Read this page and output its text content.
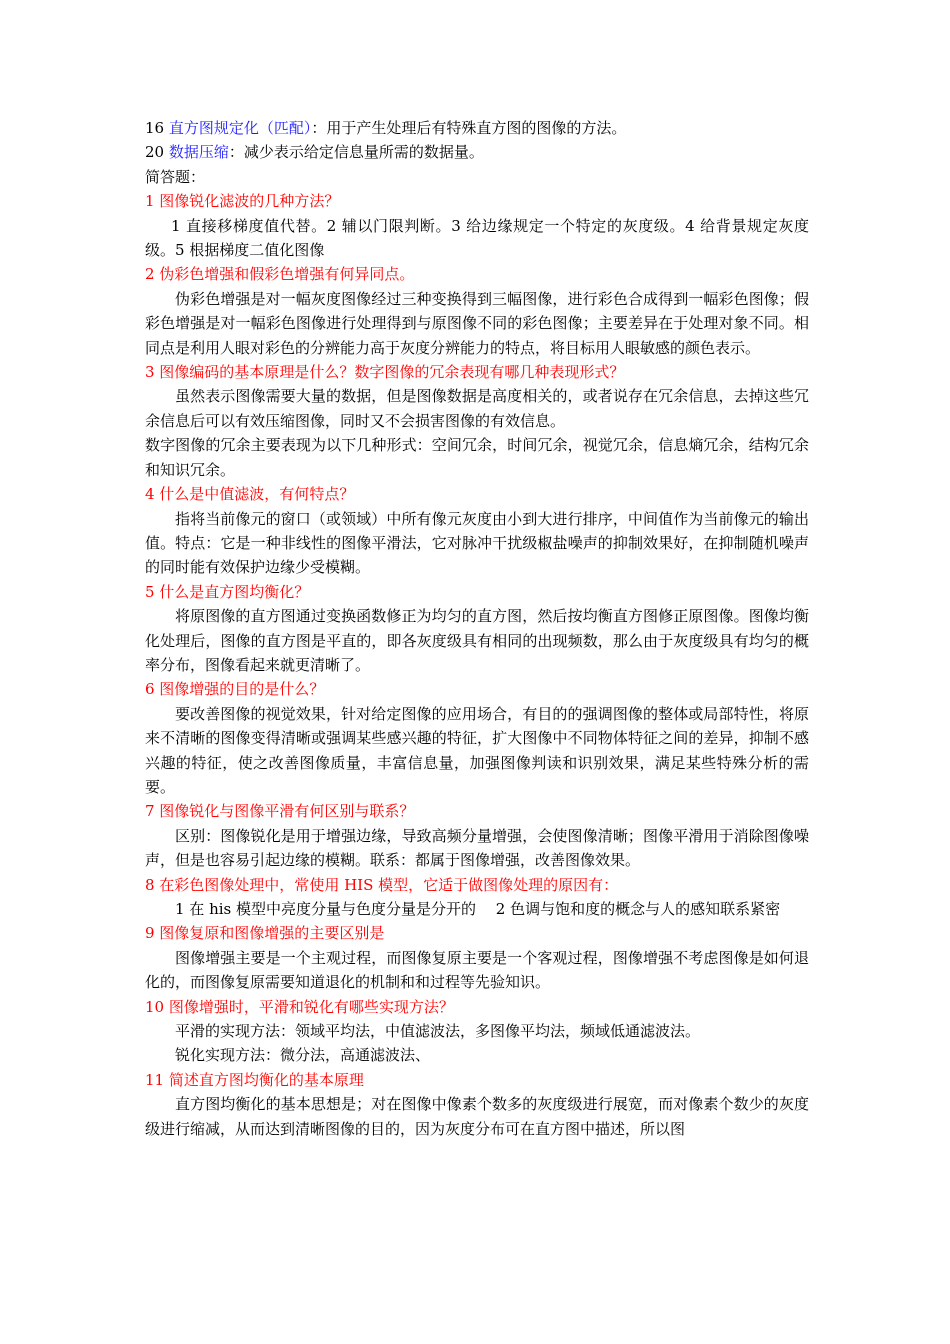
16 直方图规定化（匹配）：用于产生处理后有特殊直方图的图像的方法。

20 数据压缩：减少表示给定信息量所需的数据量。

简答题：

1 图像锐化滤波的几种方法？

1 直接移梯度值代替。2 辅以门限判断。3 给边缘规定一个特定的灰度级。4 给背景规定灰度级。5 根据梯度二值化图像

2 伪彩色增强和假彩色增强有何异同点。

伪彩色增强是对一幅灰度图像经过三种变换得到三幅图像，进行彩色合成得到一幅彩色图像；假彩色增强是对一幅彩色图像进行处理得到与原图像不同的彩色图像；主要差异在于处理对象不同。相同点是利用人眼对彩色的分辨能力高于灰度分辨能力的特点，将目标用人眼敏感的颜色表示。

3 图像编码的基本原理是什么？数字图像的冗余表现有哪几种表现形式？

虽然表示图像需要大量的数据，但是图像数据是高度相关的，或者说存在冗余信息，去掉这些冗余信息后可以有效压缩图像，同时又不会损害图像的有效信息。

数字图像的冗余主要表现为以下几种形式：空间冗余，时间冗余，视觉冗余，信息熵冗余，结构冗余和知识冗余。

4 什么是中值滤波，有何特点？

指将当前像元的窗口（或领域）中所有像元灰度由小到大进行排序，中间值作为当前像元的输出值。特点：它是一种非线性的图像平滑法，它对脉冲干扰级椒盐噪声的抑制效果好，在抑制随机噪声的同时能有效保护边缘少受模糊。

5 什么是直方图均衡化？

将原图像的直方图通过变换函数修正为均匀的直方图，然后按均衡直方图修正原图像。图像均衡化处理后，图像的直方图是平直的，即各灰度级具有相同的出现频数，那么由于灰度级具有均匀的概率分布，图像看起来就更清晰了。

6 图像增强的目的是什么？

要改善图像的视觉效果，针对给定图像的应用场合，有目的的强调图像的整体或局部特性，将原来不清晰的图像变得清晰或强调某些感兴趣的特征，扩大图像中不同物体特征之间的差异，抑制不感兴趣的特征，使之改善图像质量，丰富信息量，加强图像判读和识别效果，满足某些特殊分析的需要。

7 图像锐化与图像平滑有何区别与联系？

区别：图像锐化是用于增强边缘，导致高频分量增强，会使图像清晰；图像平滑用于消除图像噪声，但是也容易引起边缘的模糊。联系：都属于图像增强，改善图像效果。

8 在彩色图像处理中，常使用 HIS 模型，它适于做图像处理的原因有：

1 在 his 模型中亮度分量与色度分量是分开的　 2 色调与饱和度的概念与人的感知联系紧密

9 图像复原和图像增强的主要区别是

图像增强主要是一个主观过程，而图像复原主要是一个客观过程，图像增强不考虑图像是如何退化的，而图像复原需要知道退化的机制和和过程等先验知识。

10 图像增强时，平滑和锐化有哪些实现方法？

平滑的实现方法：领域平均法，中值滤波法，多图像平均法，频域低通滤波法。

锐化实现方法：微分法，高通滤波法、

11 简述直方图均衡化的基本原理

直方图均衡化的基本思想是；对在图像中像素个数多的灰度级进行展宽，而对像素个数少的灰度级进行缩减，从而达到清晰图像的目的，因为灰度分布可在直方图中描述，所以图
